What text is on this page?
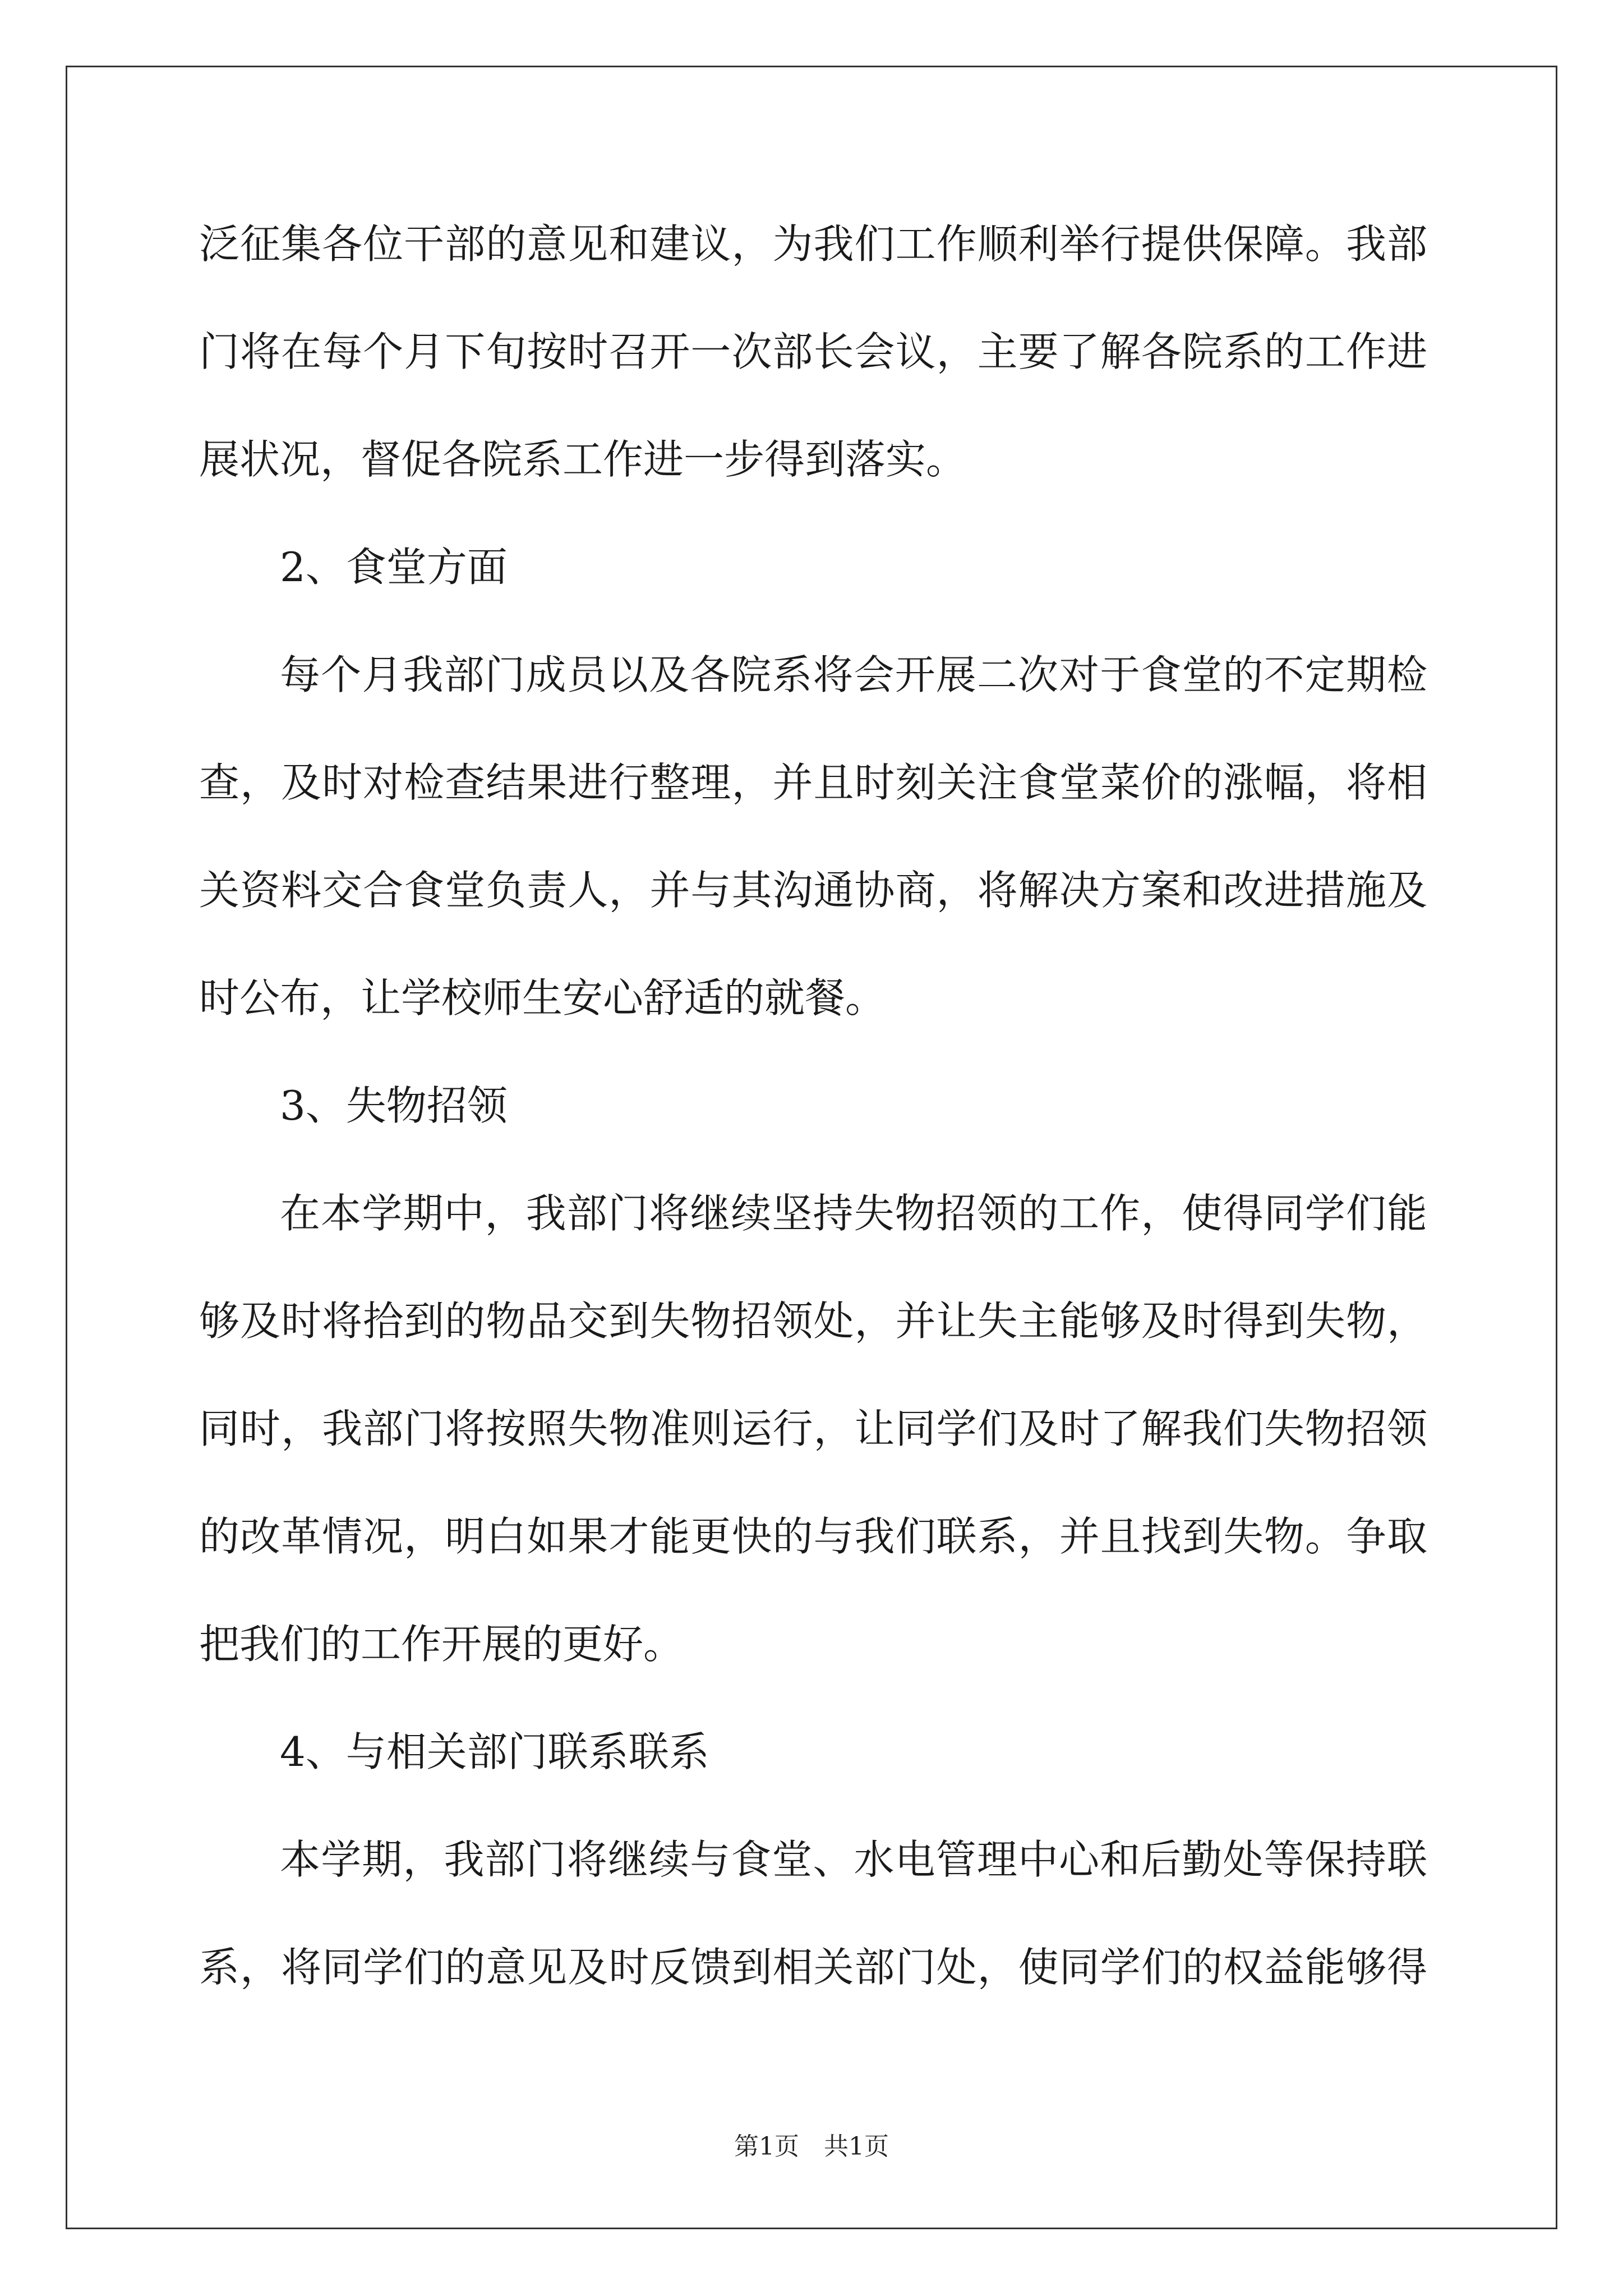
泛征集各位干部的意见和建议，为我们工作顺利举行提供保障。我部
门将在每个月下旬按时召开一次部长会议，主要了解各院系的工作进
展状况，督促各院系工作进一步得到落实。
2、食堂方面
每个月我部门成员以及各院系将会开展二次对于食堂的不定期检
查，及时对检查结果进行整理，并且时刻关注食堂菜价的涨幅，将相
关资料交合食堂负责人，并与其沟通协商，将解决方案和改进措施及
时公布，让学校师生安心舒适的就餐。
3、失物招领
在本学期中，我部门将继续坚持失物招领的工作，使得同学们能
够及时将拾到的物品交到失物招领处，并让失主能够及时得到失物，
同时，我部门将按照失物准则运行，让同学们及时了解我们失物招领
的改革情况，明白如果才能更快的与我们联系，并且找到失物。争取
把我们的工作开展的更好。
4、与相关部门联系联系
本学期，我部门将继续与食堂、水电管理中心和后勤处等保持联
系，将同学们的意见及时反馈到相关部门处，使同学们的权益能够得
第1页　共1页
